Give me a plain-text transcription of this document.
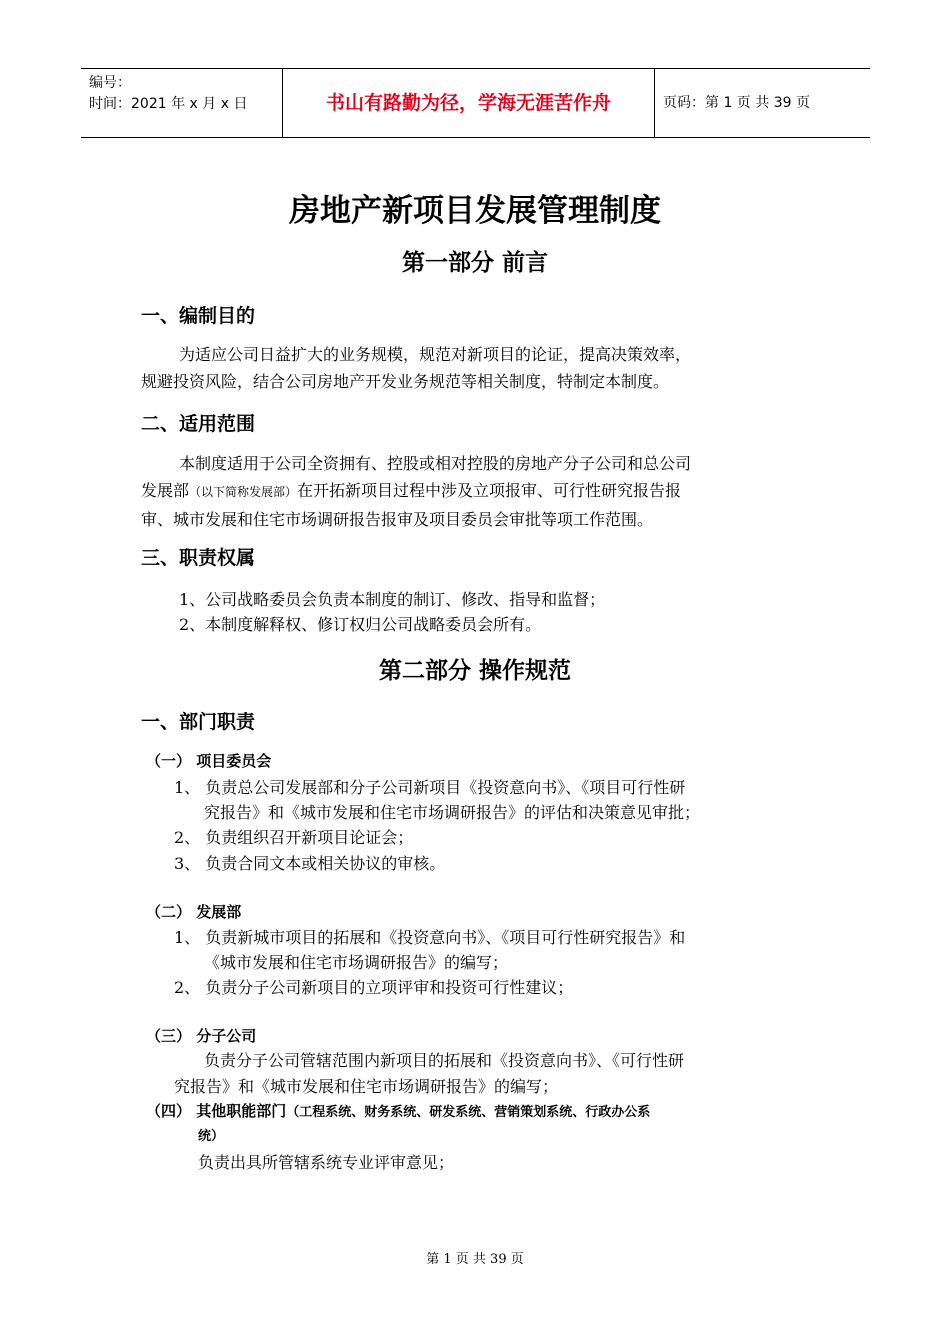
编号：
时间：2021 年 x 月 x 日	书山有路勤为径，学海无涯苦作舟	页码：第 1 页 共 39 页
房地产新项目发展管理制度
第一部分 前言
一、编制目的
为适应公司日益扩大的业务规模，规范对新项目的论证，提高决策效率，
规避投资风险，结合公司房地产开发业务规范等相关制度，特制定本制度。
二、适用范围
本制度适用于公司全资拥有、控股或相对控股的房地产分子公司和总公司
发展部（以下简称发展部）在开拓新项目过程中涉及立项报审、可行性研究报告报
审、城市发展和住宅市场调研报告报审及项目委员会审批等项工作范围。
三、职责权属
1、公司战略委员会负责本制度的制订、修改、指导和监督；
2、本制度解释权、修订权归公司战略委员会所有。
第二部分 操作规范
一、部门职责
（一） 项目委员会
1、 负责总公司发展部和分子公司新项目《投资意向书》、《项目可行性研
究报告》和《城市发展和住宅市场调研报告》的评估和决策意见审批；
2、 负责组织召开新项目论证会；
3、 负责合同文本或相关协议的审核。
（二） 发展部
1、 负责新城市项目的拓展和《投资意向书》、《项目可行性研究报告》和
《城市发展和住宅市场调研报告》的编写；
2、 负责分子公司新项目的立项评审和投资可行性建议；
（三） 分子公司
负责分子公司管辖范围内新项目的拓展和《投资意向书》、《可行性研
究报告》和《城市发展和住宅市场调研报告》的编写；
（四） 其他职能部门（工程系统、财务系统、研发系统、营销策划系统、行政办公系
统）
负责出具所管辖系统专业评审意见；
第 1 页 共 39 页
